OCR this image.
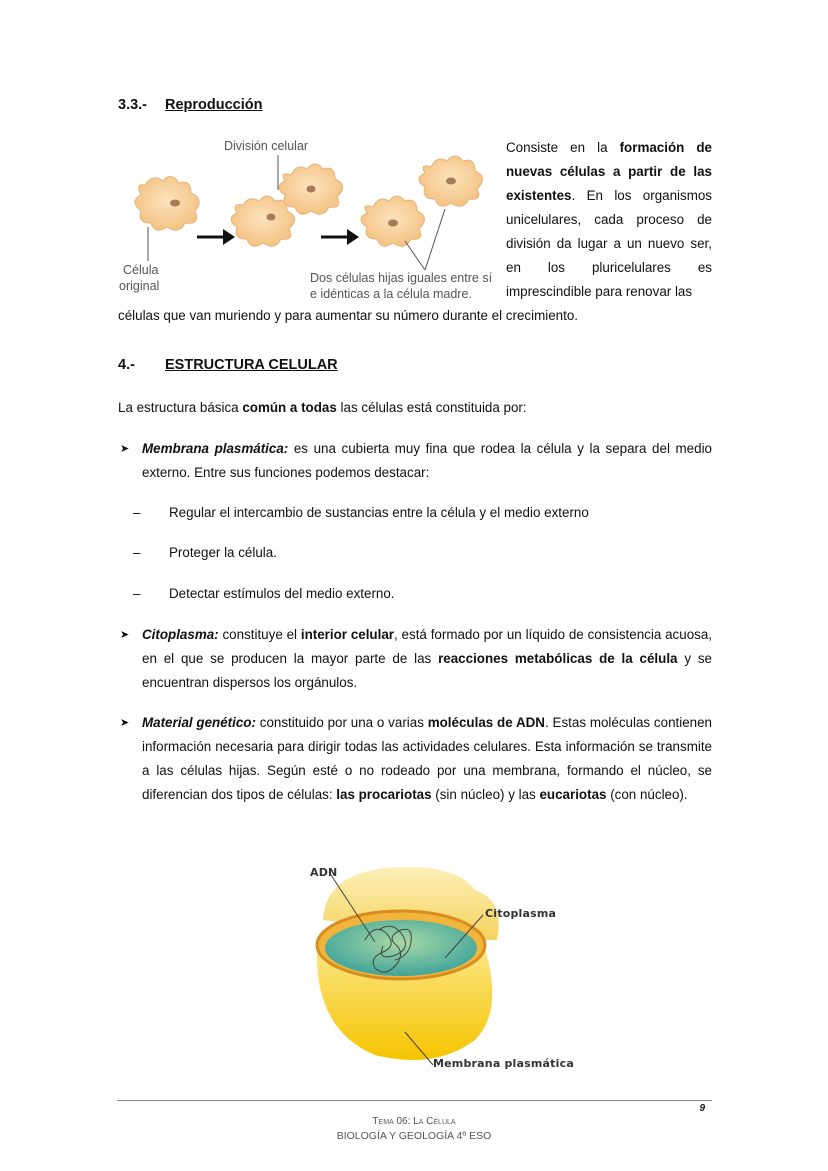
3.3.- Reproducción
División celular
Célula
original
Dos células hijas iguales entre sí
e idénticas a la célula madre.
Consiste en la formación de nuevas células a partir de las existentes. En los organismos unicelulares, cada proceso de división da lugar a un nuevo ser, en los pluricelulares es imprescindible para renovar las
células que van muriendo y para aumentar su número durante el crecimiento.
4.- ESTRUCTURA CELULAR
La estructura básica común a todas las células está constituida por:
➤ Membrana plasmática: es una cubierta muy fina que rodea la célula y la separa del medio externo. Entre sus funciones podemos destacar:
– Regular el intercambio de sustancias entre la célula y el medio externo
– Proteger la célula.
– Detectar estímulos del medio externo.
➤ Citoplasma: constituye el interior celular, está formado por un líquido de consistencia acuosa, en el que se producen la mayor parte de las reacciones metabólicas de la célula y se encuentran dispersos los orgánulos.
➤ Material genético: constituido por una o varias moléculas de ADN. Estas moléculas contienen información necesaria para dirigir todas las actividades celulares. Esta información se transmite a las células hijas. Según esté o no rodeado por una membrana, formando el núcleo, se diferencian dos tipos de células: las procariotas (sin núcleo) y las eucariotas (con núcleo).
ADN
Citoplasma
Membrana plasmática
9
Tema 06: La Célula
BIOLOGÍA Y GEOLOGÍA 4º ESO
